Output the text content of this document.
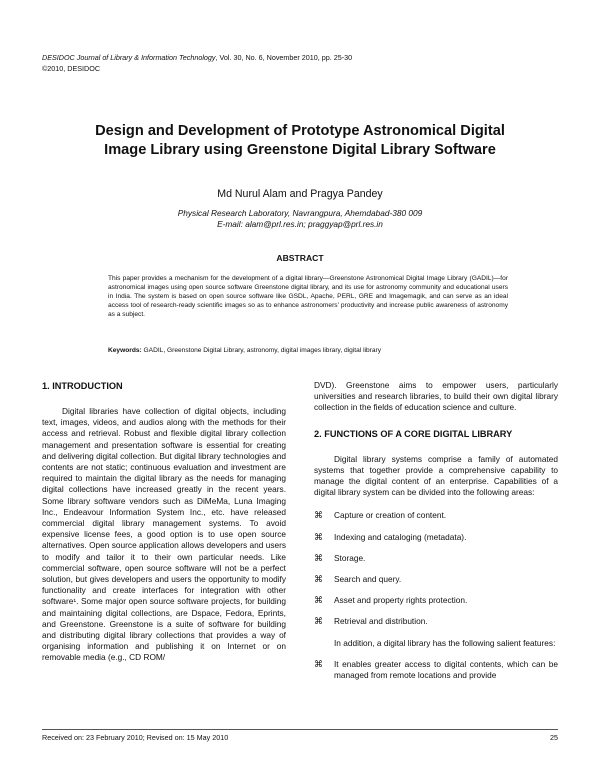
DESIDOC Journal of Library & Information Technology, Vol. 30, No. 6, November 2010, pp. 25-30
©2010, DESIDOC
Design and Development of Prototype Astronomical Digital
Image Library using Greenstone Digital Library Software
Md Nurul Alam and Pragya Pandey
Physical Research Laboratory, Navrangpura, Ahemdabad-380 009
E-mail: alam@prl.res.in; praggyap@prl.res.in
ABSTRACT
This paper provides a mechanism for the development of a digital library—Greenstone Astronomical Digital Image Library (GADIL)—for astronomical images using open source software Greenstone digital library, and its use for astronomy community and educational users in India. The system is based on open source software like GSDL, Apache, PERL, GRE and Imagemagik, and can serve as an ideal access tool of research-ready scientific images so as to enhance astronomers' productivity and increase public awareness of astronomy as a subject.
Keywords: GADIL, Greenstone Digital Library, astronomy, digital images library, digital library
1. INTRODUCTION

Digital libraries have collection of digital objects, including text, images, videos, and audios along with the methods for their access and retrieval. Robust and flexible digital library collection management and presentation software is essential for creating and delivering digital collection. But digital library technologies and contents are not static; continuous evaluation and investment are required to maintain the digital library as the needs for managing digital collections have increased greatly in the recent years. Some library software vendors such as DiMeMa, Luna Imaging Inc., Endeavour Information System Inc., etc. have released commercial digital library management systems. To avoid expensive license fees, a good option is to use open source alternatives. Open source application allows developers and users to modify and tailor it to their own particular needs. Like commercial software, open source software will not be a perfect solution, but gives developers and users the opportunity to modify functionality and create interfaces for integration with other software¹. Some major open source software projects, for building and maintaining digital collections, are Dspace, Fedora, Eprints, and Greenstone. Greenstone is a suite of software for building and distributing digital library collections that provides a way of organising information and publishing it on Internet or on removable media (e.g., CD ROM/

DVD). Greenstone aims to empower users, particularly universities and research libraries, to build their own digital library collection in the fields of education science and culture.

2. FUNCTIONS OF A CORE DIGITAL LIBRARY

Digital library systems comprise a family of automated systems that together provide a comprehensive capability to manage the digital content of an enterprise. Capabilities of a digital library system can be divided into the following areas:

⌘	Capture or creation of content.
⌘	Indexing and cataloging (metadata).
⌘	Storage.
⌘	Search and query.
⌘	Asset and property rights protection.
⌘	Retrieval and distribution.

In addition, a digital library has the following salient features:

⌘	It enables greater access to digital contents, which can be managed from remote locations and provide
Received on: 23 February 2010; Revised on: 15 May 2010	25
